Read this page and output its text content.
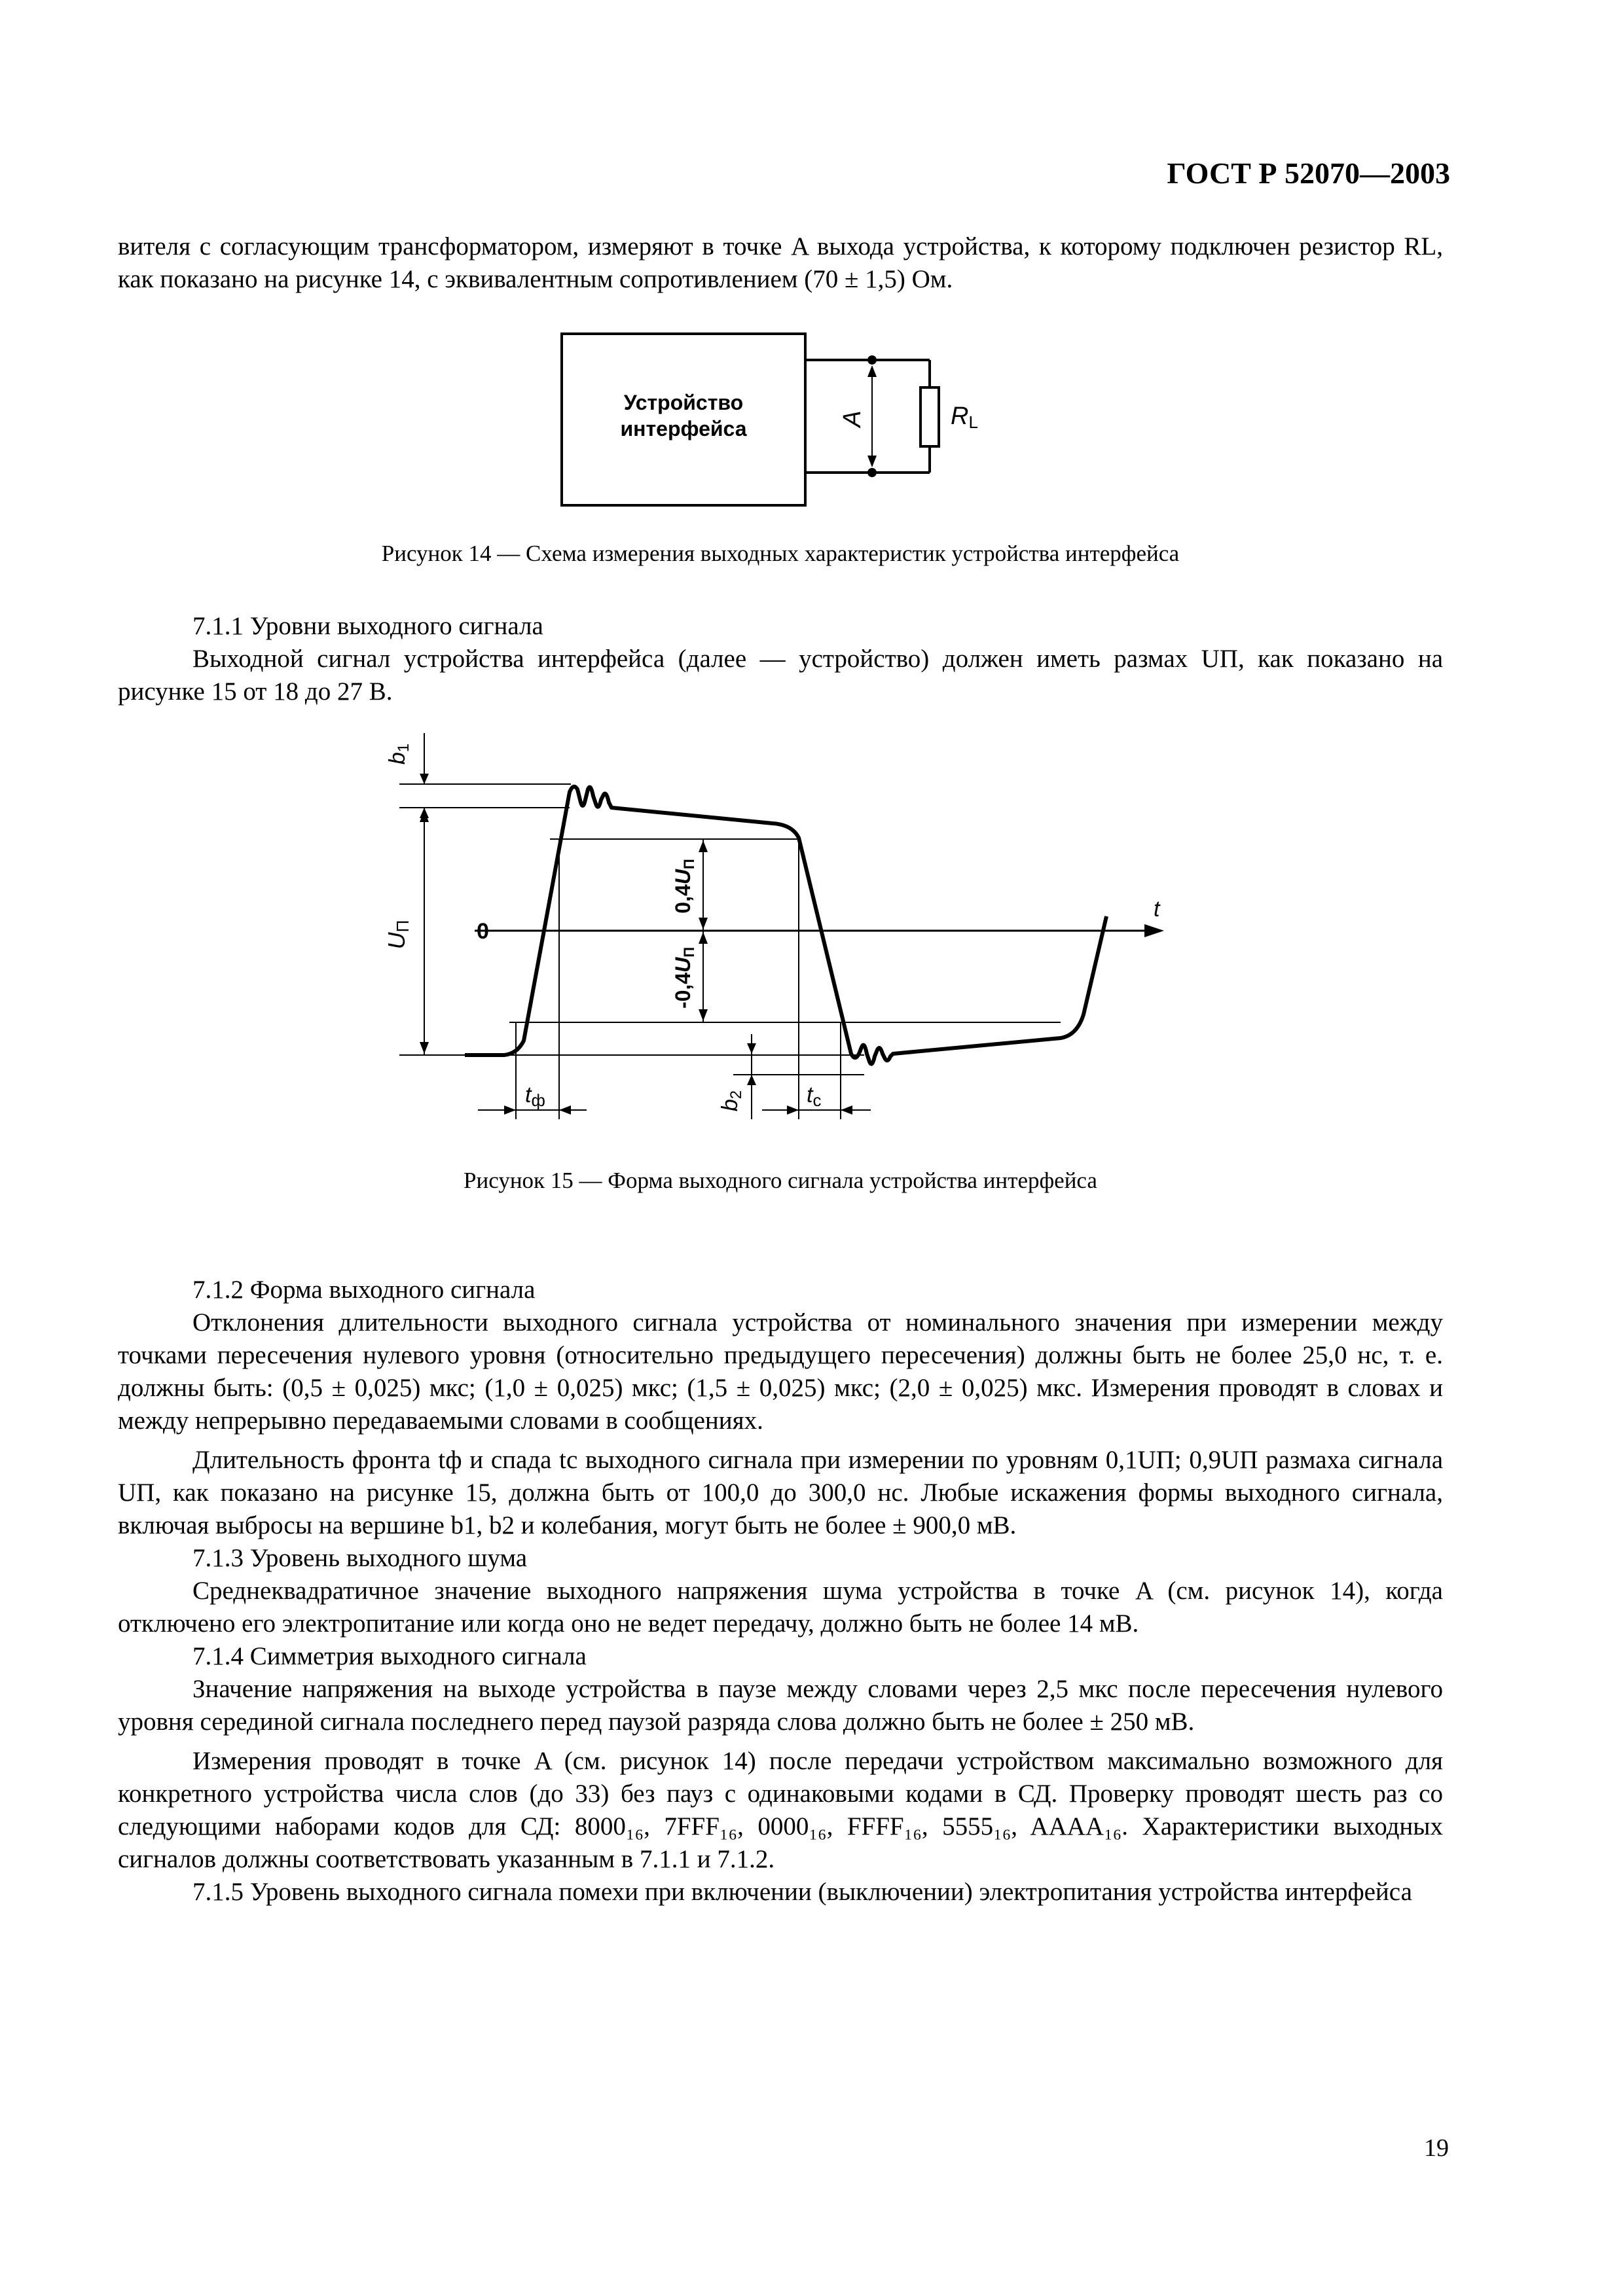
ГОСТ Р 52070—2003

вителя с согласующим трансформатором, измеряют в точке A выхода устройства, к которому подключен резистор RL, как показано на рисунке 14, с эквивалентным сопротивлением (70 ± 1,5) Ом.

Устройство
интерфейса	RL
A
Рисунок 14 — Схема измерения выходных характеристик устройства интерфейса

7.1.1 Уровни выходного сигнала

Выходной сигнал устройства интерфейса (далее — устройство) должен иметь размах UП, как показано на рисунке 15 от 18 до 27 В.

b1
UП	0
t
0,4UП
-0,4UП
tф	b2	tс
Рисунок 15 — Форма выходного сигнала устройства интерфейса

7.1.2 Форма выходного сигнала

Отклонения длительности выходного сигнала устройства от номинального значения при измерении между точками пересечения нулевого уровня (относительно предыдущего пересечения) должны быть не более 25,0 нс, т. е. должны быть: (0,5 ± 0,025) мкс; (1,0 ± 0,025) мкс; (1,5 ± 0,025) мкс; (2,0 ± 0,025) мкс. Измерения проводят в словах и между непрерывно передаваемыми словами в сообщениях.

Длительность фронта tф и спада tс выходного сигнала при измерении по уровням 0,1UП; 0,9UП размаха сигнала UП, как показано на рисунке 15, должна быть от 100,0 до 300,0 нс. Любые искажения формы выходного сигнала, включая выбросы на вершине b1, b2 и колебания, могут быть не более ± 900,0 мВ.

7.1.3 Уровень выходного шума

Среднеквадратичное значение выходного напряжения шума устройства в точке A (см. рисунок 14), когда отключено его электропитание или когда оно не ведет передачу, должно быть не более 14 мВ.

7.1.4 Симметрия выходного сигнала

Значение напряжения на выходе устройства в паузе между словами через 2,5 мкс после пересечения нулевого уровня серединой сигнала последнего перед паузой разряда слова должно быть не более ± 250 мВ.

Измерения проводят в точке A (см. рисунок 14) после передачи устройством максимально возможного для конкретного устройства числа слов (до 33) без пауз с одинаковыми кодами в СД. Проверку проводят шесть раз со следующими наборами кодов для СД: 8000₁₆, 7FFF₁₆, 0000₁₆, FFFF₁₆, 5555₁₆, AAAA₁₆. Характеристики выходных сигналов должны соответствовать указанным в 7.1.1 и 7.1.2.

7.1.5 Уровень выходного сигнала помехи при включении (выключении) электропитания устройства интерфейса

19
